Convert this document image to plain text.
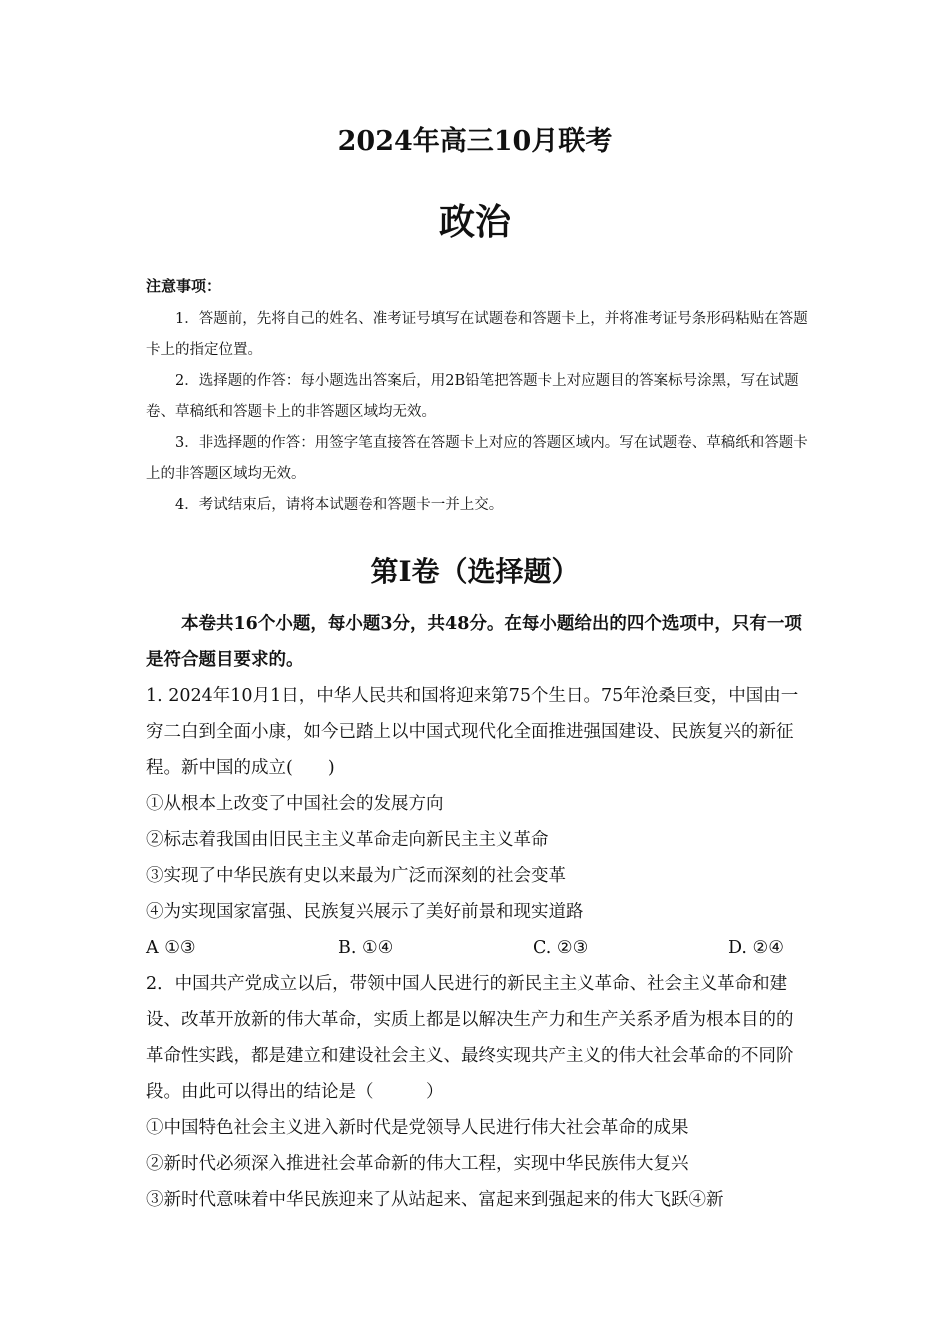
2024年高三10月联考
政治
注意事项：

1．答题前，先将自己的姓名、准考证号填写在试题卷和答题卡上，并将准考证号条形码粘贴在答题卡上的指定位置。

2．选择题的作答：每小题选出答案后，用2B铅笔把答题卡上对应题目的答案标号涂黑，写在试题卷、草稿纸和答题卡上的非答题区域均无效。

3．非选择题的作答：用签字笔直接答在答题卡上对应的答题区域内。写在试题卷、草稿纸和答题卡上的非答题区域均无效。

4．考试结束后，请将本试题卷和答题卡一并上交。

第Ⅰ卷（选择题）

本卷共16个小题，每小题3分，共48分。在每小题给出的四个选项中，只有一项是符合题目要求的。

1. 2024年10月1日，中华人民共和国将迎来第75个生日。75年沧桑巨变，中国由一穷二白到全面小康，如今已踏上以中国式现代化全面推进强国建设、民族复兴的新征程。新中国的成立(　　)

①从根本上改变了中国社会的发展方向

②标志着我国由旧民主主义革命走向新民主主义革命

③实现了中华民族有史以来最为广泛而深刻的社会变革

④为实现国家富强、民族复兴展示了美好前景和现实道路

A ①③	B. ①④	C. ②③	D. ②④

2．中国共产党成立以后，带领中国人民进行的新民主主义革命、社会主义革命和建设、改革开放新的伟大革命，实质上都是以解决生产力和生产关系矛盾为根本目的的革命性实践，都是建立和建设社会主义、最终实现共产主义的伟大社会革命的不同阶段。由此可以得出的结论是（　　　）

①中国特色社会主义进入新时代是党领导人民进行伟大社会革命的成果

②新时代必须深入推进社会革命新的伟大工程，实现中华民族伟大复兴

③新时代意味着中华民族迎来了从站起来、富起来到强起来的伟大飞跃④新
